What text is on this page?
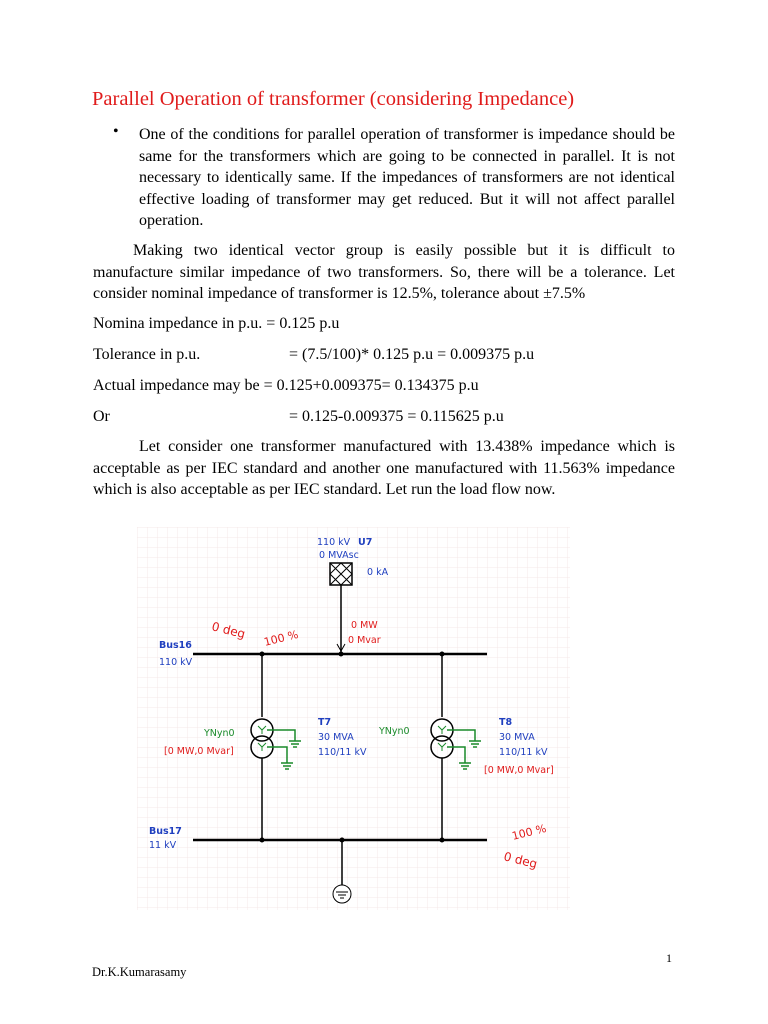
Parallel Operation of transformer (considering Impedance)
• One of the conditions for parallel operation of transformer is impedance should be same for the transformers which are going to be connected in parallel. It is not necessary to identically same. If the impedances of transformers are not identical effective loading of transformer may get reduced. But it will not affect parallel operation.
Making two identical vector group is easily possible but it is difficult to manufacture similar impedance of two transformers. So, there will be a tolerance. Let consider nominal impedance of transformer is 12.5%, tolerance about ±7.5%
Nomina impedance in p.u. = 0.125 p.u
Tolerance in p.u.	= (7.5/100)* 0.125 p.u = 0.009375 p.u
Actual impedance may be = 0.125+0.009375= 0.134375 p.u
Or	= 0.125-0.009375 = 0.115625 p.u
Let consider one transformer manufactured with 13.438% impedance which is acceptable as per IEC standard and another one manufactured with 11.563% impedance which is also acceptable as per IEC standard. Let run the load flow now.
110 kV U7
0 MVAsc
0 kA
Bus16
110 kV
0 deg 100 %
0 MW
0 Mvar
YNyn0
[0 MW,0 Mvar]
T7
30 MVA
110/11 kV
YNyn0
T8
30 MVA
110/11 kV
[0 MW,0 Mvar]
Bus17
11 kV
100 %
0 deg
1
Dr.K.Kumarasamy
